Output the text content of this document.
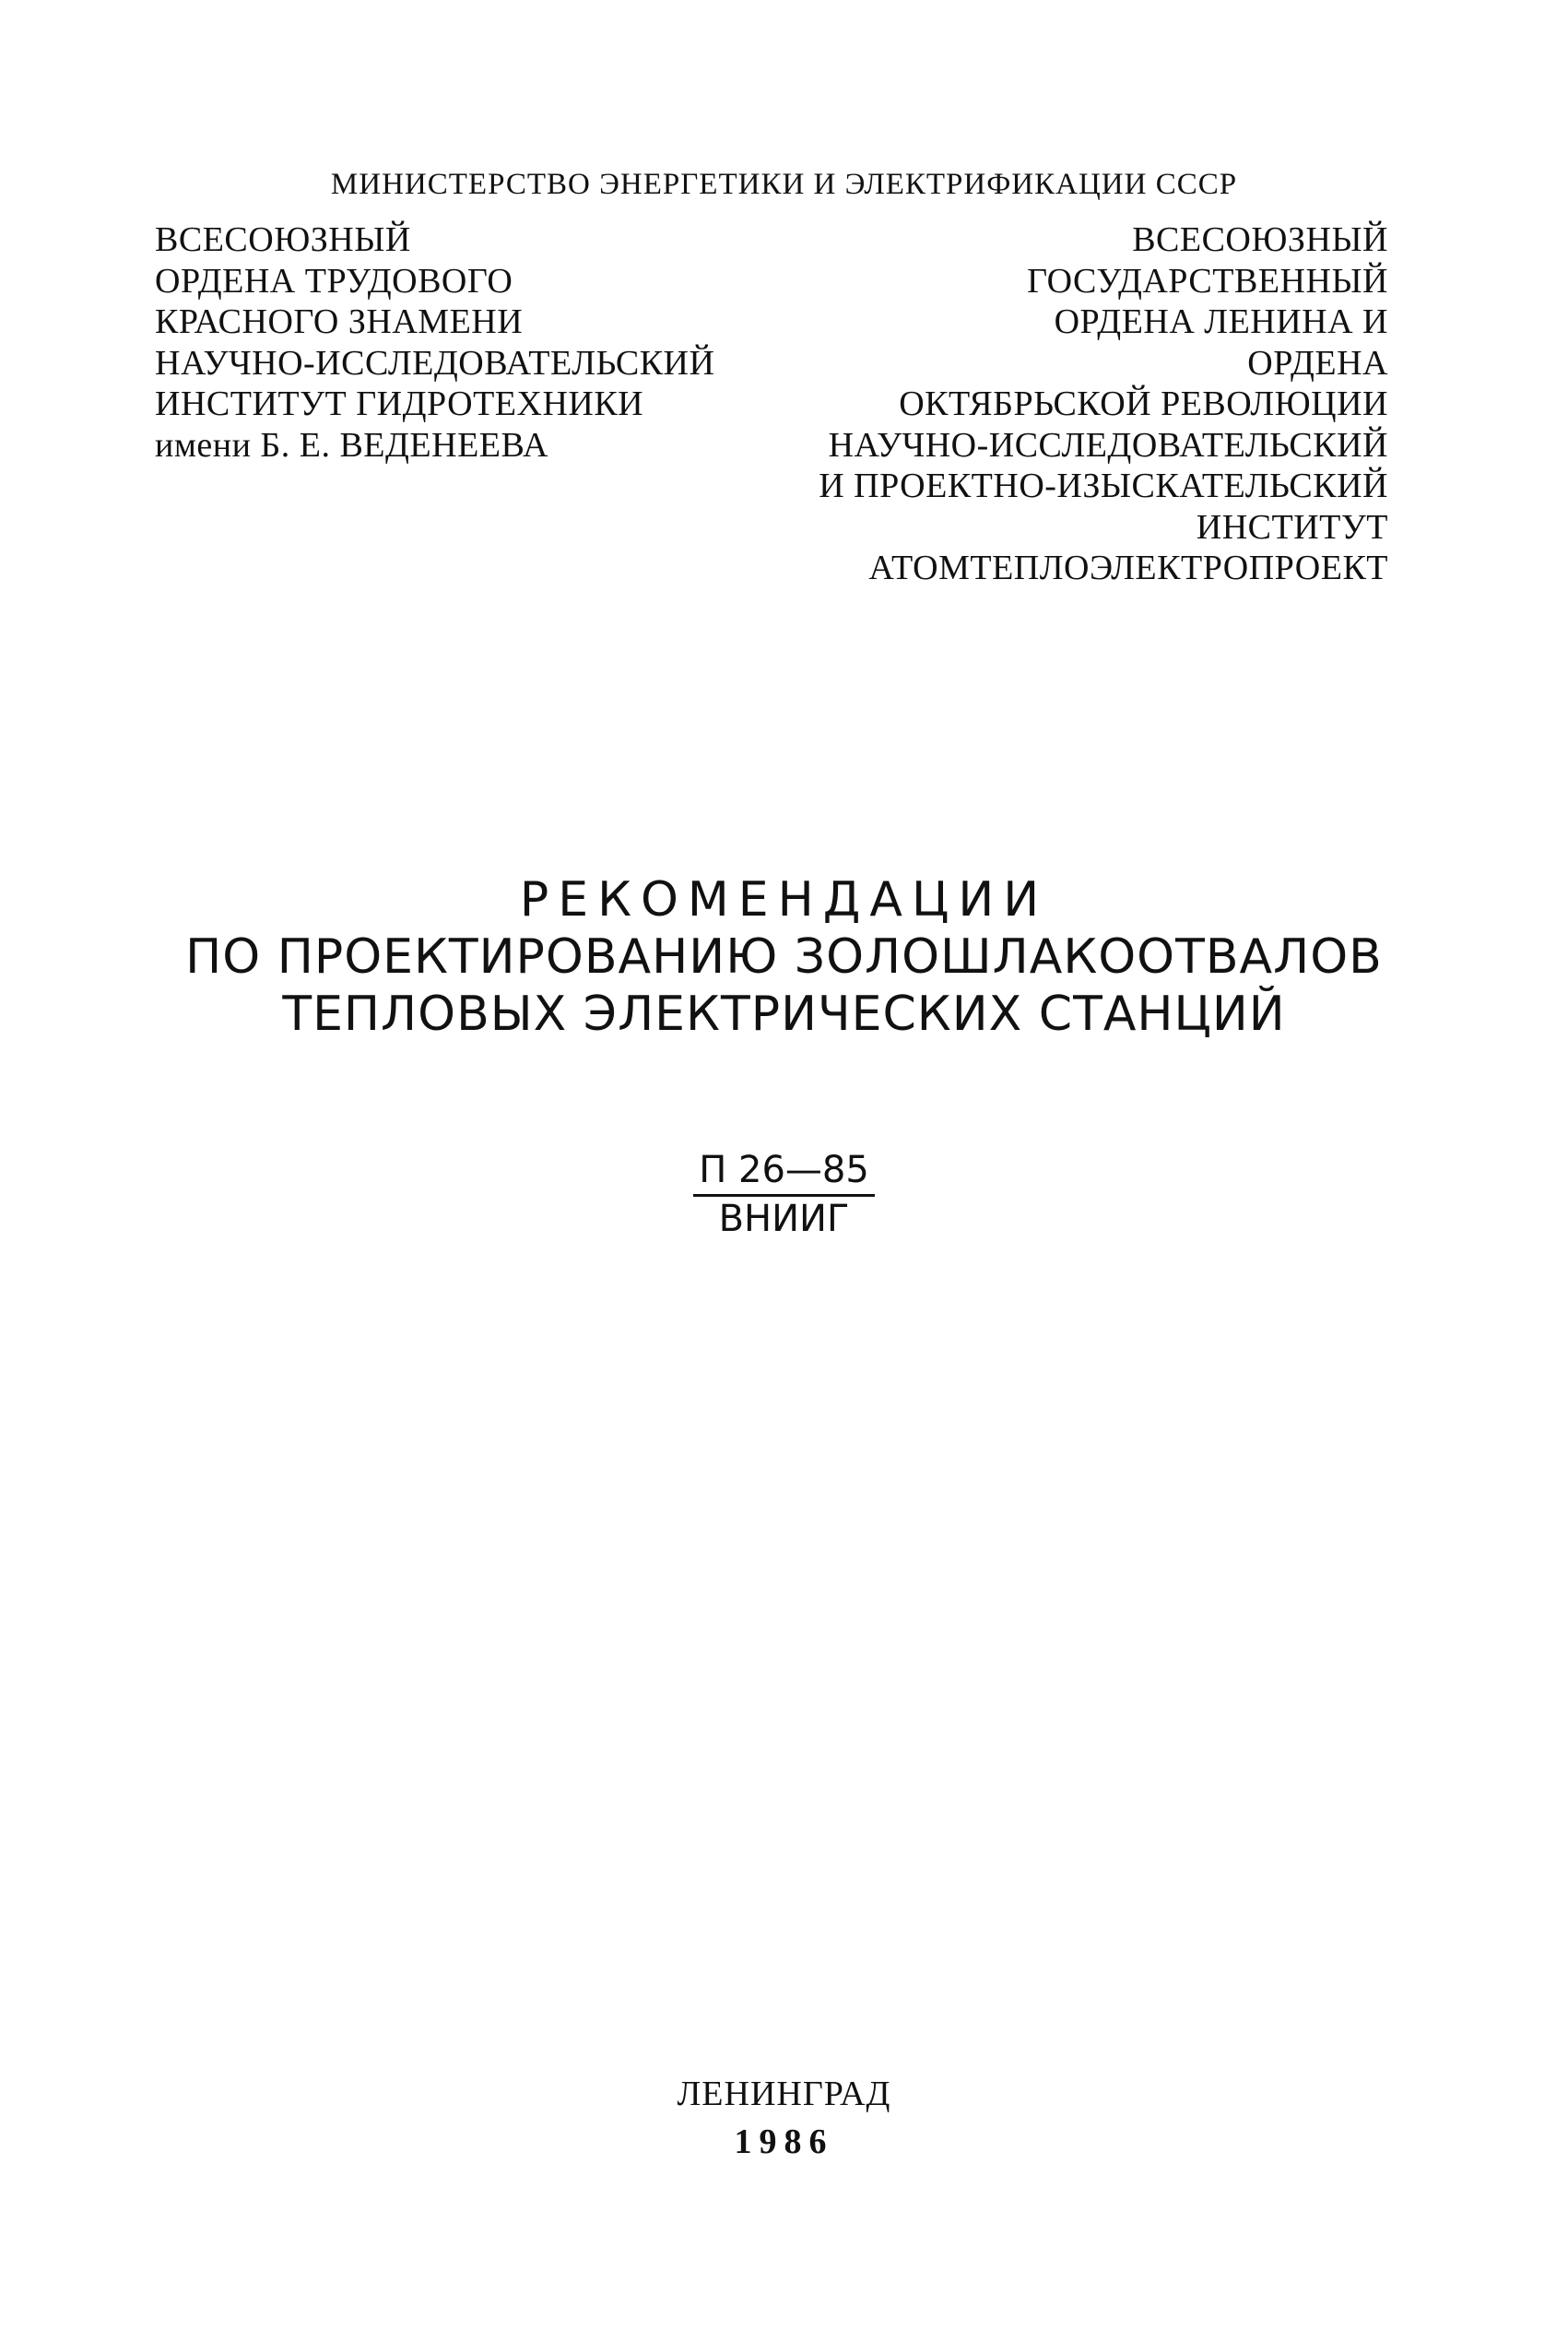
МИНИСТЕРСТВО ЭНЕРГЕТИКИ И ЭЛЕКТРИФИКАЦИИ СССР
ВСЕСОЮЗНЫЙ
ОРДЕНА ТРУДОВОГО
КРАСНОГО ЗНАМЕНИ
НАУЧНО-ИССЛЕДОВАТЕЛЬСКИЙ
ИНСТИТУТ ГИДРОТЕХНИКИ
имени Б. Е. ВЕДЕНЕЕВА
ВСЕСОЮЗНЫЙ
ГОСУДАРСТВЕННЫЙ
ОРДЕНА ЛЕНИНА И
ОРДЕНА
ОКТЯБРЬСКОЙ РЕВОЛЮЦИИ
НАУЧНО-ИССЛЕДОВАТЕЛЬСКИЙ
И ПРОЕКТНО-ИЗЫСКАТЕЛЬСКИЙ
ИНСТИТУТ
АТОМТЕПЛОЭЛЕКТРОПРОЕКТ
РЕКОМЕНДАЦИИ
ПО ПРОЕКТИРОВАНИЮ ЗОЛОШЛАКООТВАЛОВ
ТЕПЛОВЫХ ЭЛЕКТРИЧЕСКИХ СТАНЦИЙ
П 26—85
ВНИИГ
ЛЕНИНГРАД
1986
